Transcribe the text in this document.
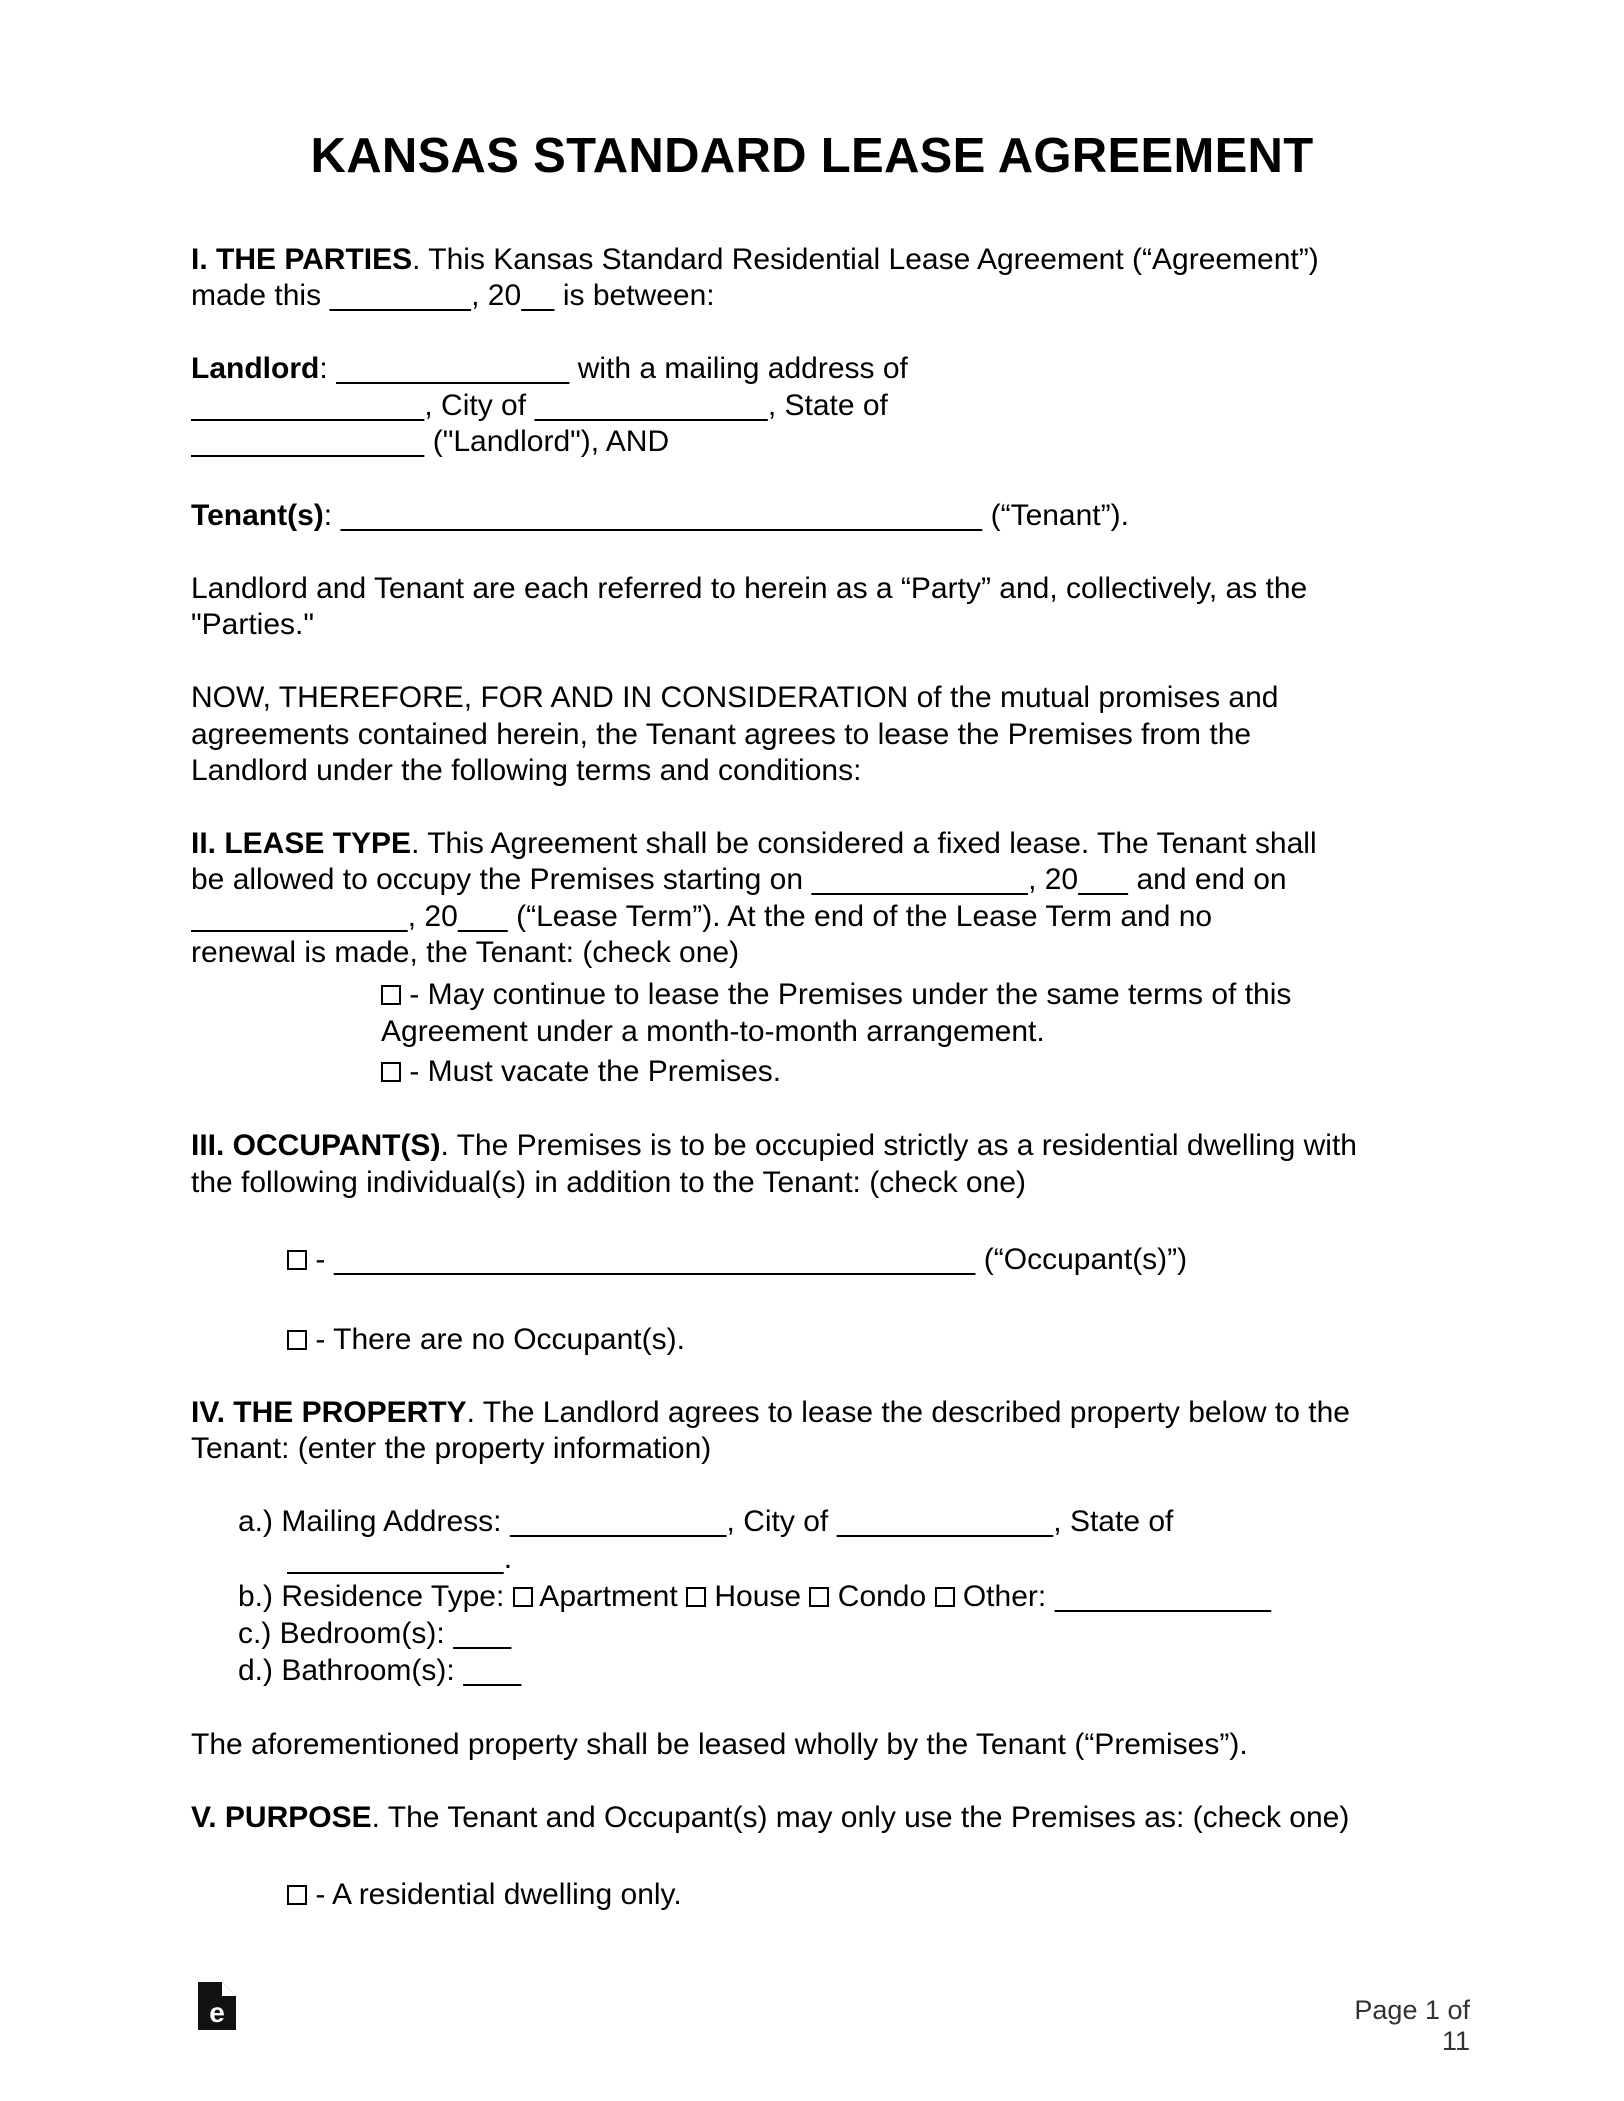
KANSAS STANDARD LEASE AGREEMENT
I. THE PARTIES. This Kansas Standard Residential Lease Agreement (“Agreement”)
made this	, 20     is between:
Landlord:	with a mailing address of
, City of	, State of
("Landlord"), AND
Tenant(s):	(“Tenant”).
Landlord and Tenant are each referred to herein as a “Party” and, collectively, as the
"Parties."
NOW, THEREFORE, FOR AND IN CONSIDERATION of the mutual promises and
agreements contained herein, the Tenant agrees to lease the Premises from the
Landlord under the following terms and conditions:
II. LEASE TYPE. This Agreement shall be considered a fixed lease. The Tenant shall
be allowed to occupy the Premises starting on	, 20       and end on
, 20       (“Lease Term”). At the end of the Lease Term and no
renewal is made, the Tenant: (check one)
- May continue to lease the Premises under the same terms of this
Agreement under a month-to-month arrangement.
- Must vacate the Premises.
III. OCCUPANT(S). The Premises is to be occupied strictly as a residential dwelling with
the following individual(s) in addition to the Tenant: (check one)
-	(“Occupant(s)”)
- There are no Occupant(s).
IV. THE PROPERTY. The Landlord agrees to lease the described property below to the
Tenant: (enter the property information)
a.) Mailing Address:	, City of	, State of
.
b.) Residence Type:  Apartment  House  Condo  Other:
c.) Bedroom(s):
d.) Bathroom(s):
The aforementioned property shall be leased wholly by the Tenant (“Premises”).
V. PURPOSE. The Tenant and Occupant(s) may only use the Premises as: (check one)
- A residential dwelling only.
e	Page 1 of 11
